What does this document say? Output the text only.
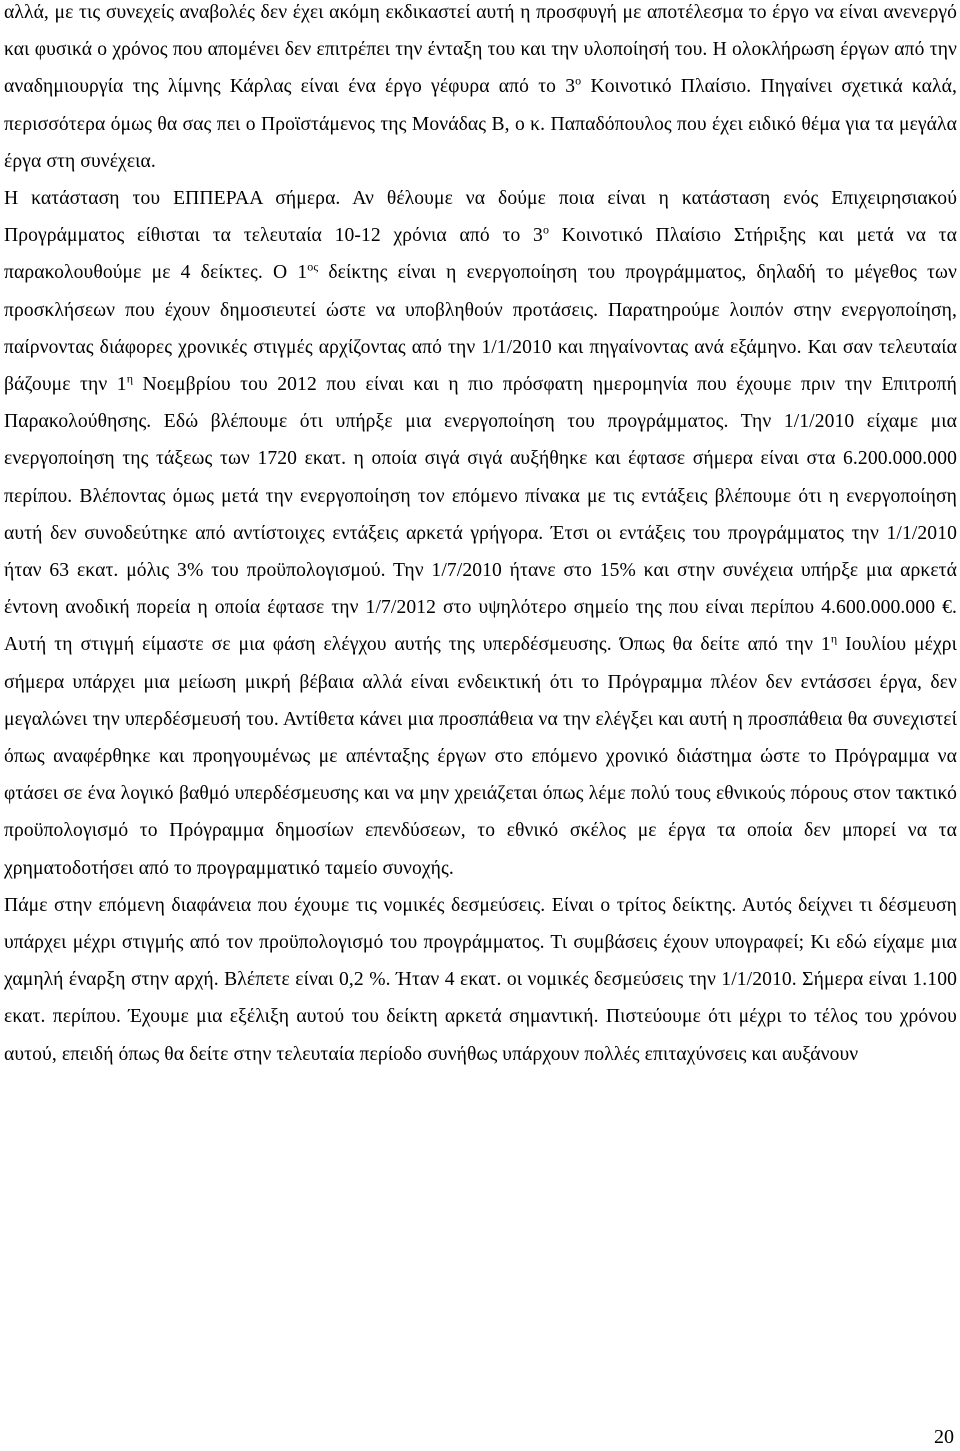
αλλά, με τις συνεχείς αναβολές δεν έχει ακόμη εκδικαστεί αυτή η προσφυγή με αποτέλεσμα το έργο να είναι ανενεργό και φυσικά ο χρόνος που απομένει δεν επιτρέπει την ένταξη του και την υλοποίησή του. Η ολοκλήρωση έργων από την αναδημιουργία της λίμνης Κάρλας είναι ένα έργο γέφυρα από το $3^o$ Κοινοτικό Πλαίσιο. Πηγαίνει σχετικά καλά, περισσότερα όμως θα σας πει ο Προϊστάμενος της Μονάδας Β, ο κ. Παπαδόπουλος που έχει ειδικό θέμα για τα μεγάλα έργα στη συνέχεια.

Η κατάσταση του ΕΠΠΕΡΑΑ σήμερα. Αν θέλουμε να δούμε ποια είναι η κατάσταση ενός Επιχειρησιακού Προγράμματος είθισται τα τελευταία 10-12 χρόνια από το $3^o$ Κοινοτικό Πλαίσιο Στήριξης και μετά να τα παρακολουθούμε με 4 δείκτες. Ο $1^{o\varsigma}$ δείκτης είναι η ενεργοποίηση του προγράμματος, δηλαδή το μέγεθος των προσκλήσεων που έχουν δημοσιευτεί ώστε να υποβληθούν προτάσεις. Παρατηρούμε λοιπόν στην ενεργοποίηση, παίρνοντας διάφορες χρονικές στιγμές αρχίζοντας από την 1/1/2010 και πηγαίνοντας ανά εξάμηνο. Και σαν τελευταία βάζουμε την $1^\eta$ Νοεμβρίου του 2012 που είναι και η πιο πρόσφατη ημερομηνία που έχουμε πριν την Επιτροπή Παρακολούθησης. Εδώ βλέπουμε ότι υπήρξε μια ενεργοποίηση του προγράμματος. Την 1/1/2010 είχαμε μια ενεργοποίηση της τάξεως των 1720 εκατ. η οποία σιγά σιγά αυξήθηκε και έφτασε σήμερα είναι στα 6.200.000.000 περίπου. Βλέποντας όμως μετά την ενεργοποίηση τον επόμενο πίνακα με τις εντάξεις βλέπουμε ότι η ενεργοποίηση αυτή δεν συνοδεύτηκε από αντίστοιχες εντάξεις αρκετά γρήγορα. Έτσι οι εντάξεις του προγράμματος την 1/1/2010 ήταν 63 εκατ. μόλις 3% του προϋπολογισμού. Την 1/7/2010 ήτανε στο 15% και στην συνέχεια υπήρξε μια αρκετά έντονη ανοδική πορεία η οποία έφτασε την 1/7/2012 στο υψηλότερο σημείο της που είναι περίπου 4.600.000.000 €. Αυτή τη στιγμή είμαστε σε μια φάση ελέγχου αυτής της υπερδέσμευσης. Όπως θα δείτε από την $1^\eta$ Ιουλίου μέχρι σήμερα υπάρχει μια μείωση μικρή βέβαια αλλά είναι ενδεικτική ότι το Πρόγραμμα πλέον δεν εντάσσει έργα, δεν μεγαλώνει την υπερδέσμευσή του. Αντίθετα κάνει μια προσπάθεια να την ελέγξει και αυτή η προσπάθεια θα συνεχιστεί όπως αναφέρθηκε και προηγουμένως με απένταξης έργων στο επόμενο χρονικό διάστημα ώστε το Πρόγραμμα να φτάσει σε ένα λογικό βαθμό υπερδέσμευσης και να μην χρειάζεται όπως λέμε πολύ τους εθνικούς πόρους στον τακτικό προϋπολογισμό το Πρόγραμμα δημοσίων επενδύσεων, το εθνικό σκέλος με έργα τα οποία δεν μπορεί να τα χρηματοδοτήσει από το προγραμματικό ταμείο συνοχής.

Πάμε στην επόμενη διαφάνεια που έχουμε τις νομικές δεσμεύσεις. Είναι ο τρίτος δείκτης. Αυτός δείχνει τι δέσμευση υπάρχει μέχρι στιγμής από τον προϋπολογισμό του προγράμματος. Τι συμβάσεις έχουν υπογραφεί; Κι εδώ είχαμε μια χαμηλή έναρξη στην αρχή. Βλέπετε είναι 0,2 %. Ήταν 4 εκατ. οι νομικές δεσμεύσεις την 1/1/2010. Σήμερα είναι 1.100 εκατ. περίπου. Έχουμε μια εξέλιξη αυτού του δείκτη αρκετά σημαντική. Πιστεύουμε ότι μέχρι το τέλος του χρόνου αυτού, επειδή όπως θα δείτε στην τελευταία περίοδο συνήθως υπάρχουν πολλές επιταχύνσεις και αυξάνουν

20
